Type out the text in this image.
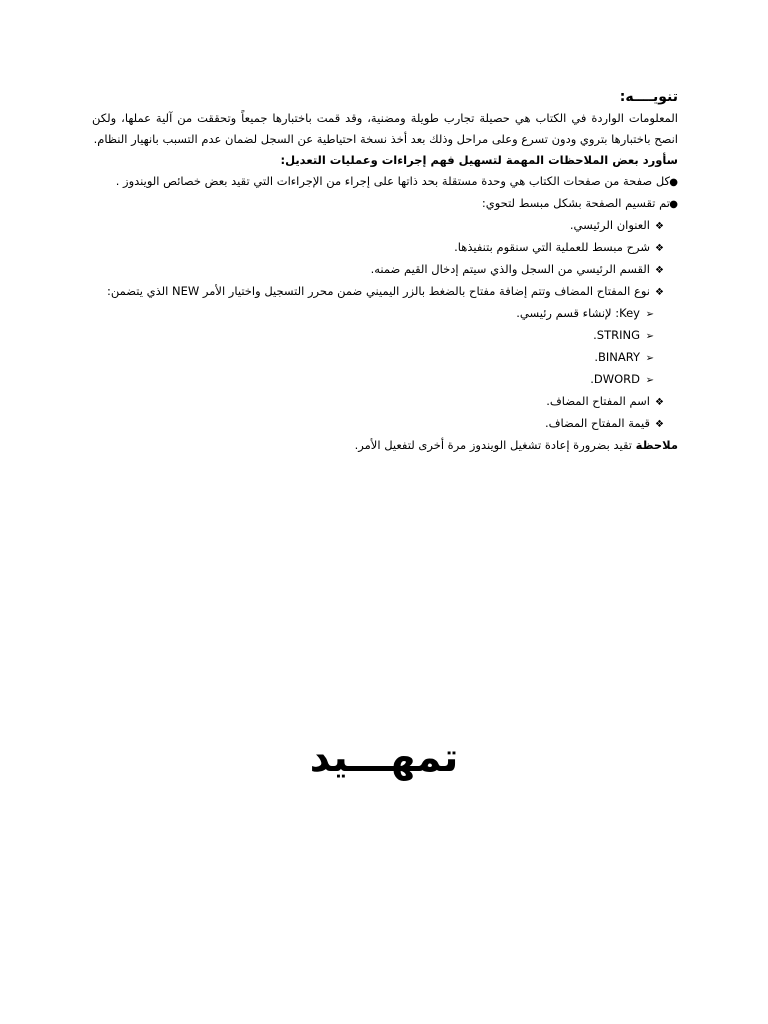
تنويــــه:
المعلومات الواردة في الكتاب هي حصيلة تجارب طويلة ومضنية، وقد قمت باختبارها جميعاً وتحققت من آلية عملها، ولكن انصح باختبارها بتروي ودون تسرع وعلى مراحل وذلك بعد أخذ نسخة احتياطية عن السجل لضمان عدم التسبب بانهيار النظام.
سأورد بعض الملاحظات المهمة لتسهيل فهم إجراءات وعمليات التعديل:
●كل صفحة من صفحات الكتاب هي وحدة مستقلة بحد ذاتها على إجراء من الإجراءات التي تقيد بعض خصائص الويندوز .
●تم تقسيم الصفحة بشكل مبسط لتحوي:
❖العنوان الرئيسي.
❖شرح مبسط للعملية التي سنقوم بتنفيذها.
❖القسم الرئيسي من السجل والذي سيتم إدخال القيم ضمنه.
❖نوع المفتاح المضاف وتتم إضافة مفتاح بالضغط بالزر اليميني ضمن محرر التسجيل واختيار الأمر NEW الذي يتضمن:
➢Key: لإنشاء قسم رئيسي.
➢.STRING
➢.BINARY
➢.DWORD
❖اسم المفتاح المضاف.
❖قيمة المفتاح المضاف.
ملاحظة تقيد بضرورة إعادة تشغيل الويندوز مرة أخرى لتفعيل الأمر.
تمهـــيد
